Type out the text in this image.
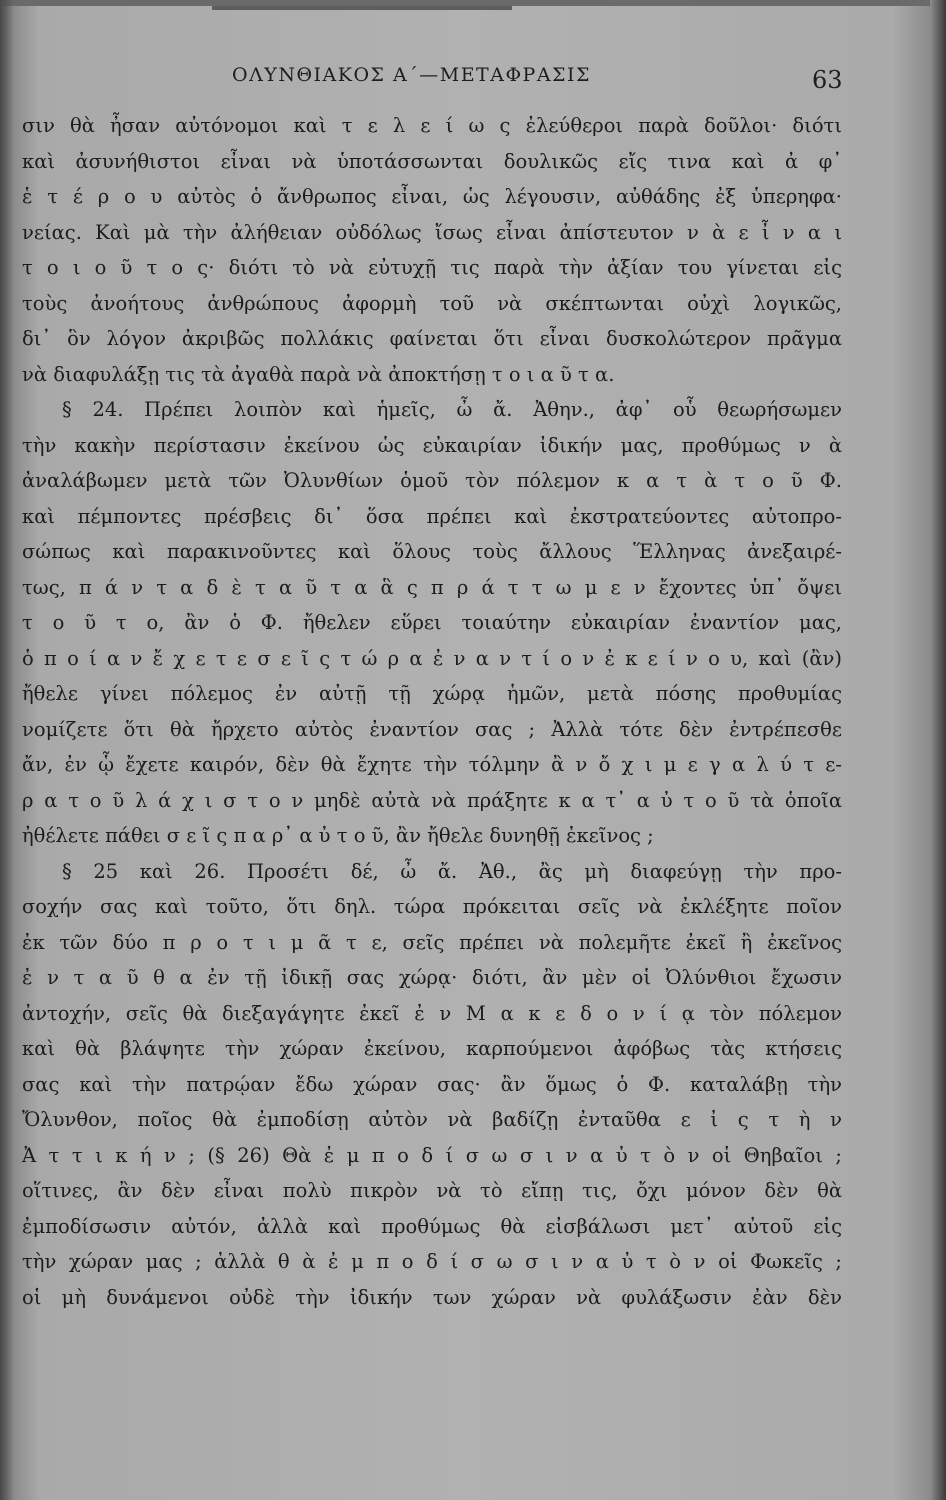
ΟΛΥΝΘΙΑΚΟΣ Α΄—ΜΕΤΑΦΡΑΣΙΣ	63
σιν θὰ ἦσαν αὐτόνομοι καὶ τ ε λ ε ί ω ς ἐλεύθεροι παρὰ δοῦλοι· διότι
καὶ ἀσυνήθιστοι εἶναι νὰ ὑποτάσσωνται δουλικῶς εἴς τινα καὶ ἀ φ᾽
ἑ τ έ ρ ο υ αὐτὸς ὁ ἄνθρωπος εἶναι, ὡς λέγουσιν, αὐθάδης ἐξ ὑπερηφα·
νείας. Καὶ μὰ τὴν ἀλήθειαν οὐδόλως ἴσως εἶναι ἀπίστευτον ν ὰ ε ἶ ν α ι
τ ο ι ο ῦ τ ο ς· διότι τὸ νὰ εὐτυχῇ τις παρὰ τὴν ἀξίαν του γίνεται εἰς
τοὺς ἀνοήτους ἀνθρώπους ἀφορμὴ τοῦ νὰ σκέπτωνται οὐχὶ λογικῶς,
δι᾽ ὃν λόγον ἀκριβῶς πολλάκις φαίνεται ὅτι εἶναι δυσκολώτερον πρᾶγμα
νὰ διαφυλάξῃ τις τὰ ἀγαθὰ παρὰ νὰ ἀποκτήσῃ τ ο ι α ῦ τ α.
§ 24. Πρέπει λοιπὸν καὶ ἡμεῖς, ὦ ἄ. Ἀθην., ἀφ᾽ οὗ θεωρήσωμεν
τὴν κακὴν περίστασιν ἐκείνου ὡς εὐκαιρίαν ἰδικήν μας, προθύμως ν ὰ
ἀναλάβωμεν μετὰ τῶν Ὀλυνθίων ὁμοῦ τὸν πόλεμον κ α τ ὰ τ ο ῦ Φ.
καὶ πέμποντες πρέσβεις δι᾽ ὅσα πρέπει καὶ ἐκστρατεύοντες αὐτοπρο-
σώπως καὶ παρακινοῦντες καὶ ὅλους τοὺς ἄλλους Ἕλληνας ἀνεξαιρέ-
τως, π ά ν τ α δ ὲ τ α ῦ τ α ἃ ς π ρ ά τ τ ω μ ε ν ἔχοντες ὑπ᾽ ὄψει
τ ο ῦ τ ο, ἂν ὁ Φ. ἤθελεν εὕρει τοιαύτην εὐκαιρίαν ἐναντίον μας,
ὁ π ο ί α ν ἔ χ ε τ ε σ ε ῖ ς τ ώ ρ α ἐ ν α ν τ ί ο ν ἐ κ ε ί ν ο υ, καὶ (ἂν)
ἤθελε γίνει πόλεμος ἐν αὐτῇ τῇ χώρᾳ ἡμῶν, μετὰ πόσης προθυμίας
νομίζετε ὅτι θὰ ἤρχετο αὐτὸς ἐναντίον σας ; Ἀλλὰ τότε δὲν ἐντρέπεσθε
ἄν, ἐν ᾧ ἔχετε καιρόν, δὲν θὰ ἔχητε τὴν τόλμην ἂ ν ὄ χ ι μ ε γ α λ ύ τ ε-
ρ α τ ο ῦ λ ά χ ι σ τ ο ν μηδὲ αὐτὰ νὰ πράξητε κ α τ᾽ α ὐ τ ο ῦ τὰ ὁποῖα
ἠθέλετε πάθει σ ε ῖ ς π α ρ᾽ α ὐ τ ο ῦ, ἂν ἤθελε δυνηθῇ ἐκεῖνος ;
§ 25 καὶ 26. Προσέτι δέ, ὦ ἄ. Ἀθ., ἂς μὴ διαφεύγῃ τὴν προ-
σοχήν σας καὶ τοῦτο, ὅτι δηλ. τώρα πρόκειται σεῖς νὰ ἐκλέξητε ποῖον
ἐκ τῶν δύο π ρ ο τ ι μ ᾶ τ ε, σεῖς πρέπει νὰ πολεμῆτε ἐκεῖ ἢ ἐκεῖνος
ἐ ν τ α ῦ θ α ἐν τῇ ἰδικῇ σας χώρᾳ· διότι, ἂν μὲν οἱ Ὀλύνθιοι ἔχωσιν
ἀντοχήν, σεῖς θὰ διεξαγάγητε ἐκεῖ ἐ ν Μ α κ ε δ ο ν ί ᾳ τὸν πόλεμον
καὶ θὰ βλάψητε τὴν χώραν ἐκείνου, καρπούμενοι ἀφόβως τὰς κτήσεις
σας καὶ τὴν πατρῴαν ἔδω χώραν σας· ἂν ὅμως ὁ Φ. καταλάβῃ τὴν
Ὄλυνθον, ποῖος θὰ ἐμποδίσῃ αὐτὸν νὰ βαδίζῃ ἐνταῦθα ε ἰ ς τ ὴ ν
Ἀ τ τ ι κ ή ν ; (§ 26) Θὰ ἐ μ π ο δ ί σ ω σ ι ν α ὐ τ ὸ ν οἱ Θηβαῖοι ;
οἵτινες, ἂν δὲν εἶναι πολὺ πικρὸν νὰ τὸ εἴπῃ τις, ὄχι μόνον δὲν θὰ
ἐμποδίσωσιν αὐτόν, ἀλλὰ καὶ προθύμως θὰ εἰσβάλωσι μετ᾽ αὐτοῦ εἰς
τὴν χώραν μας ; ἀλλὰ θ ὰ ἐ μ π ο δ ί σ ω σ ι ν α ὐ τ ὸ ν οἱ Φωκεῖς ;
οἱ μὴ δυνάμενοι οὐδὲ τὴν ἰδικήν των χώραν νὰ φυλάξωσιν ἐὰν δὲν
